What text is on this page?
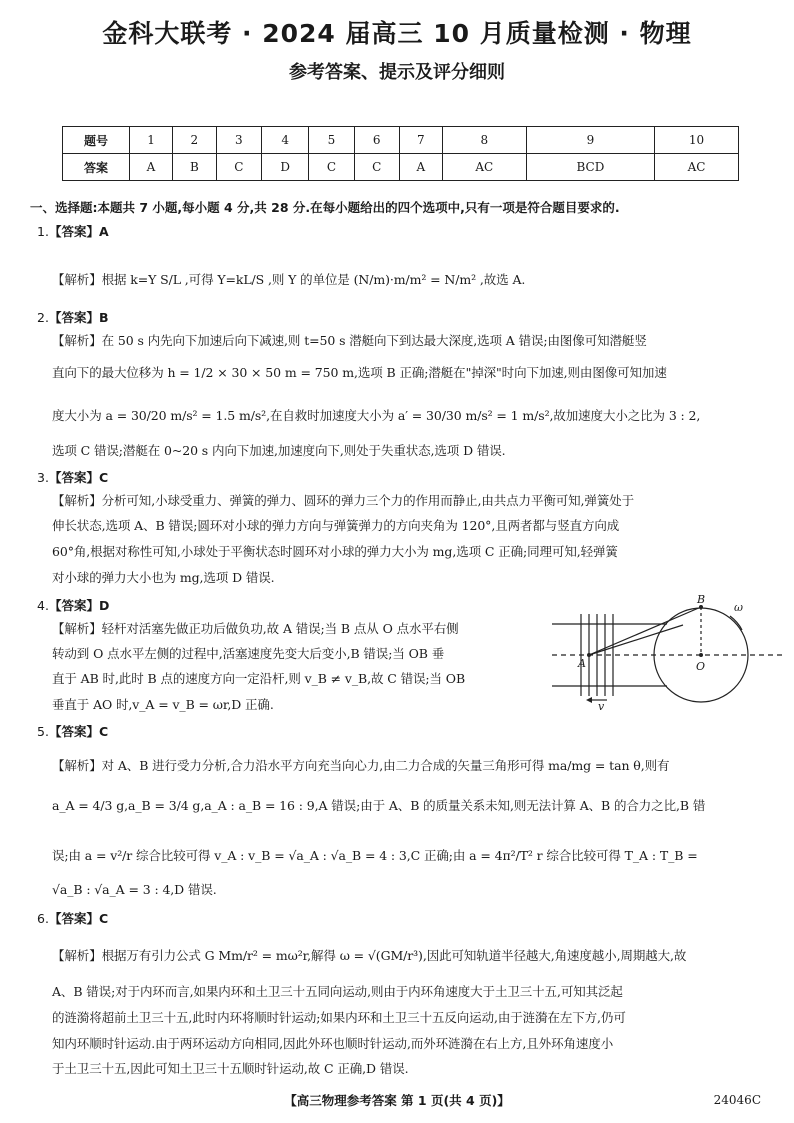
金科大联考 · 2024 届高三 10 月质量检测 · 物理
参考答案、提示及评分细则
题号	1	2	3	4	5	6	7	8	9	10
答案	A	B	C	D	C	C	A	AC	BCD	AC
一、选择题:本题共 7 小题,每小题 4 分,共 28 分.在每小题给出的四个选项中,只有一项是符合题目要求的.
1.【答案】A
【解析】根据 k=Y S/L ,可得 Y=kL/S ,则 Y 的单位是 (N/m)·m/m² = N/m² ,故选 A.
2.【答案】B
【解析】在 50 s 内先向下加速后向下减速,则 t=50 s 潜艇向下到达最大深度,选项 A 错误;由图像可知潜艇竖
直向下的最大位移为 h = 1/2 × 30 × 50 m = 750 m,选项 B 正确;潜艇在"掉深"时向下加速,则由图像可知加速
度大小为 a = 30/20 m/s² = 1.5 m/s²,在自救时加速度大小为 a′ = 30/30 m/s² = 1 m/s²,故加速度大小之比为 3 : 2,
选项 C 错误;潜艇在 0~20 s 内向下加速,加速度向下,则处于失重状态,选项 D 错误.
3.【答案】C
【解析】分析可知,小球受重力、弹簧的弹力、圆环的弹力三个力的作用而静止,由共点力平衡可知,弹簧处于
伸长状态,选项 A、B 错误;圆环对小球的弹力方向与弹簧弹力的方向夹角为 120°,且两者都与竖直方向成
60°角,根据对称性可知,小球处于平衡状态时圆环对小球的弹力大小为 mg,选项 C 正确;同理可知,轻弹簧
对小球的弹力大小也为 mg,选项 D 错误.
4.【答案】D
【解析】轻杆对活塞先做正功后做负功,故 A 错误;当 B 点从 O 点水平右侧
转动到 O 点水平左侧的过程中,活塞速度先变大后变小,B 错误;当 OB 垂
直于 AB 时,此时 B 点的速度方向一定沿杆,则 v_B ≠ v_B,故 C 错误;当 OB
垂直于 AO 时,v_A = v_B = ωr,D 正确.
B
ω
A	O
v
5.【答案】C
【解析】对 A、B 进行受力分析,合力沿水平方向充当向心力,由二力合成的矢量三角形可得 ma/mg = tan θ,则有
a_A = 4/3 g,a_B = 3/4 g,a_A : a_B = 16 : 9,A 错误;由于 A、B 的质量关系未知,则无法计算 A、B 的合力之比,B 错
误;由 a = v²/r 综合比较可得 v_A : v_B = √a_A : √a_B = 4 : 3,C 正确;由 a = 4π²/T² r 综合比较可得 T_A : T_B =
√a_B : √a_A = 3 : 4,D 错误.
6.【答案】C
【解析】根据万有引力公式 G Mm/r² = mω²r,解得 ω = √(GM/r³),因此可知轨道半径越大,角速度越小,周期越大,故
A、B 错误;对于内环而言,如果内环和土卫三十五同向运动,则由于内环角速度大于土卫三十五,可知其泛起
的涟漪将超前土卫三十五,此时内环将顺时针运动;如果内环和土卫三十五反向运动,由于涟漪在左下方,仍可
知内环顺时针运动.由于两环运动方向相同,因此外环也顺时针运动,而外环涟漪在右上方,且外环角速度小
于土卫三十五,因此可知土卫三十五顺时针运动,故 C 正确,D 错误.
【高三物理参考答案 第 1 页(共 4 页)】	24046C
